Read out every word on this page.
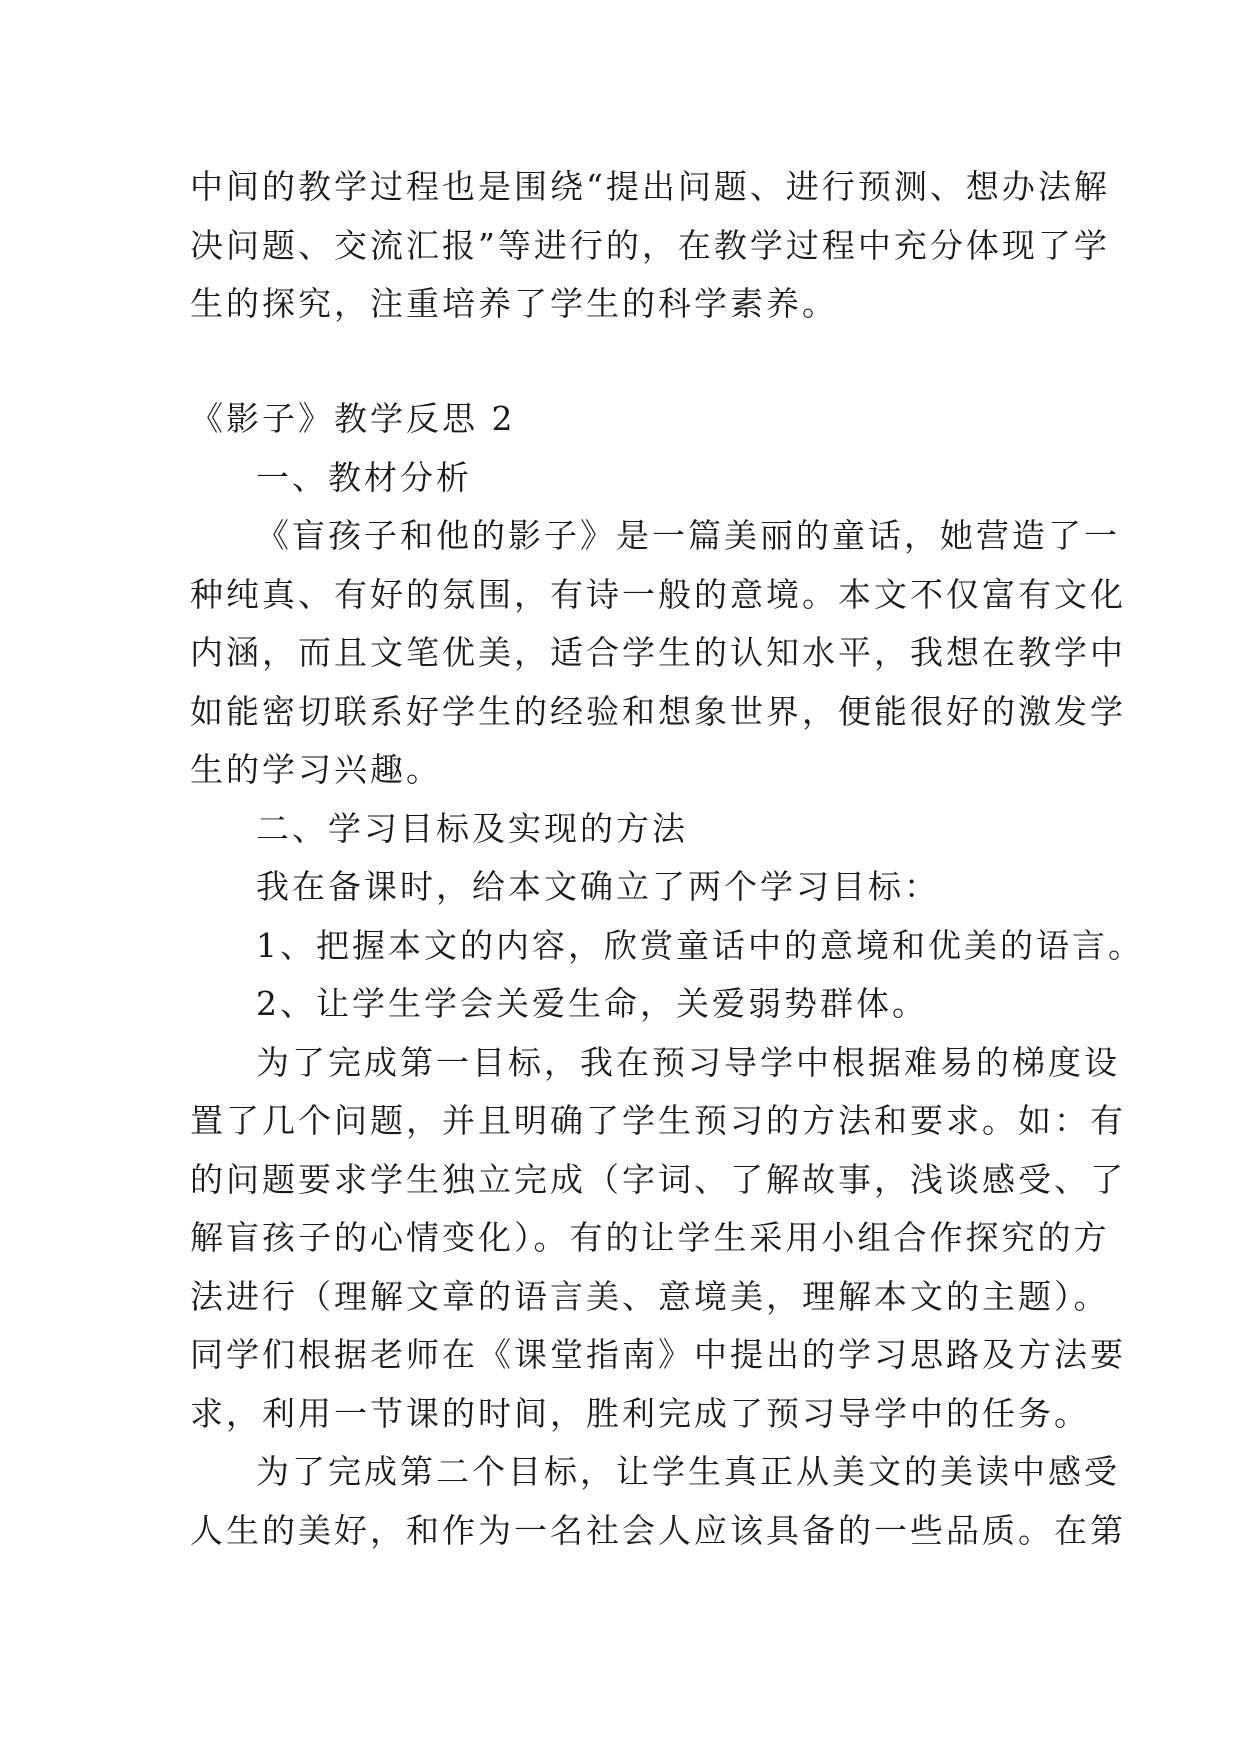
中间的教学过程也是围绕“提出问题、进行预测、想办法解
决问题、交流汇报”等进行的，在教学过程中充分体现了学
生的探究，注重培养了学生的科学素养。
《影子》教学反思 2
一、教材分析
《盲孩子和他的影子》是一篇美丽的童话，她营造了一
种纯真、有好的氛围，有诗一般的意境。本文不仅富有文化
内涵，而且文笔优美，适合学生的认知水平，我想在教学中
如能密切联系好学生的经验和想象世界，便能很好的激发学
生的学习兴趣。
二、学习目标及实现的方法
我在备课时，给本文确立了两个学习目标：
1、把握本文的内容，欣赏童话中的意境和优美的语言。
2、让学生学会关爱生命，关爱弱势群体。
为了完成第一目标，我在预习导学中根据难易的梯度设
置了几个问题，并且明确了学生预习的方法和要求。如：有
的问题要求学生独立完成（字词、了解故事，浅谈感受、了
解盲孩子的心情变化）。有的让学生采用小组合作探究的方
法进行（理解文章的语言美、意境美，理解本文的主题）。
同学们根据老师在《课堂指南》中提出的学习思路及方法要
求，利用一节课的时间，胜利完成了预习导学中的任务。
为了完成第二个目标，让学生真正从美文的美读中感受
人生的美好，和作为一名社会人应该具备的一些品质。在第
